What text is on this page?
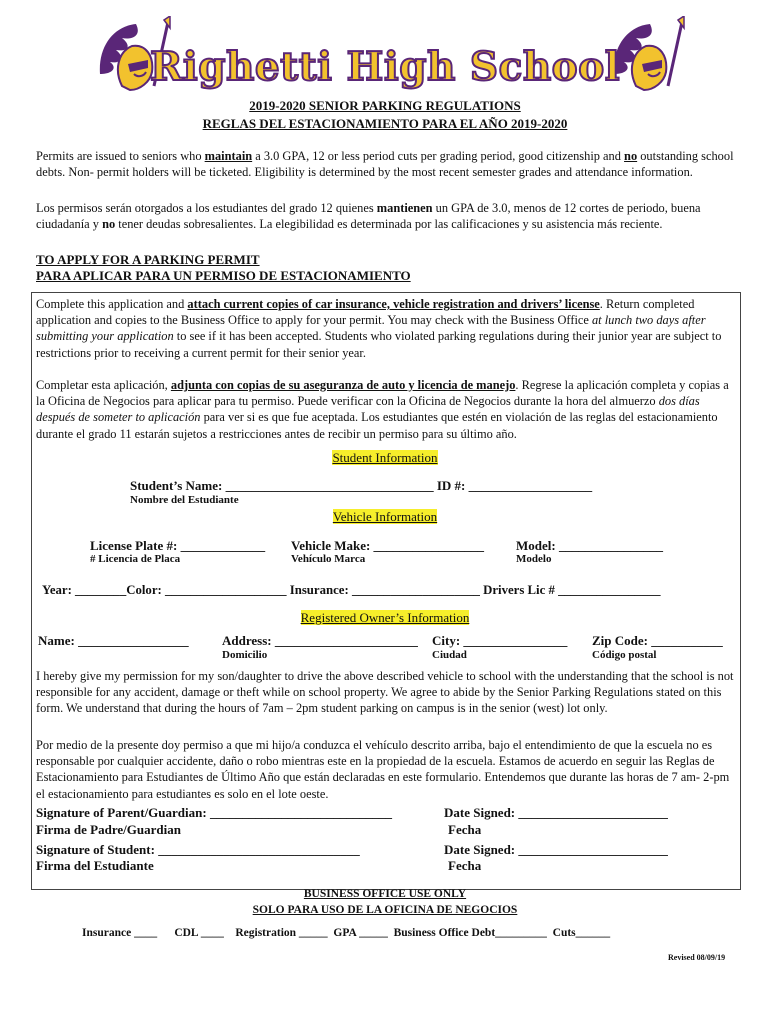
Righetti High School
2019-2020 SENIOR PARKING REGULATIONS
REGLAS DEL ESTACIONAMIENTO PARA EL AÑO 2019-2020
Permits are issued to seniors who maintain a 3.0 GPA, 12 or less period cuts per grading period, good citizenship and no outstanding school debts. Non- permit holders will be ticketed. Eligibility is determined by the most recent semester grades and attendance information.
Los permisos serán otorgados a los estudiantes del grado 12 quienes mantienen un GPA de 3.0, menos de 12 cortes de periodo, buena ciudadanía y no tener deudas sobresalientes. La elegibilidad es determinada por las calificaciones y su asistencia más reciente.
TO APPLY FOR A PARKING PERMIT
PARA APLICAR PARA UN PERMISO DE ESTACIONAMIENTO
Complete this application and attach current copies of car insurance, vehicle registration and drivers’ license. Return completed application and copies to the Business Office to apply for your permit. You may check with the Business Office at lunch two days after submitting your application to see if it has been accepted. Students who violated parking regulations during their junior year are subject to restrictions prior to receiving a current permit for their senior year.
Completar esta aplicación, adjunta con copias de su aseguranza de auto y licencia de manejo. Regrese la aplicación completa y copias a la Oficina de Negocios para aplicar para tu permiso. Puede verificar con la Oficina de Negocios durante la hora del almuerzo dos días después de someter to aplicación para ver si es que fue aceptada. Los estudiantes que estén en violación de las reglas del estacionamiento durante el grado 11 estarán sujetos a restricciones antes de recibir un permiso para su último año.
Student Information
Student’s Name: ________________________________ ID #: ___________________
Nombre del Estudiante
Vehicle Information
License Plate #: _____________ Vehicle Make: _________________ Model: ________________
# Licencia de Placa	Vehículo Marca	Modelo
Year: ________Color: ___________________ Insurance: ____________________ Drivers Lic # ________________
Registered Owner’s Information
Name: _________________	Address: ______________________ City: ________________ Zip Code: ___________
Domicilio	Ciudad	Código postal
I hereby give my permission for my son/daughter to drive the above described vehicle to school with the understanding that the school is not responsible for any accident, damage or theft while on school property. We agree to abide by the Senior Parking Regulations stated on this form. We understand that during the hours of 7am – 2pm student parking on campus is in the senior (west) lot only.
Por medio de la presente doy permiso a que mi hijo/a conduzca el vehículo descrito arriba, bajo el entendimiento de que la escuela no es responsable por cualquier accidente, daño o robo mientras este en la propiedad de la escuela. Estamos de acuerdo en seguir las Reglas de Estacionamiento para Estudiantes de Último Año que están declaradas en este formulario. Entendemos que durante las horas de 7 am- 2-pm el estacionamiento para estudiantes es solo en el lote oeste.
Signature of Parent/Guardian: ____________________________
Firma de Padre/Guardian
Date Signed: _______________________
Fecha
Signature of Student: _______________________________
Firma del Estudiante
Date Signed: _______________________
Fecha
BUSINESS OFFICE USE ONLY
SOLO PARA USO DE LA OFICINA DE NEGOCIOS
Insurance ____      CDL ____    Registration _____  GPA _____  Business Office Debt_________  Cuts______
Revised 08/09/19
